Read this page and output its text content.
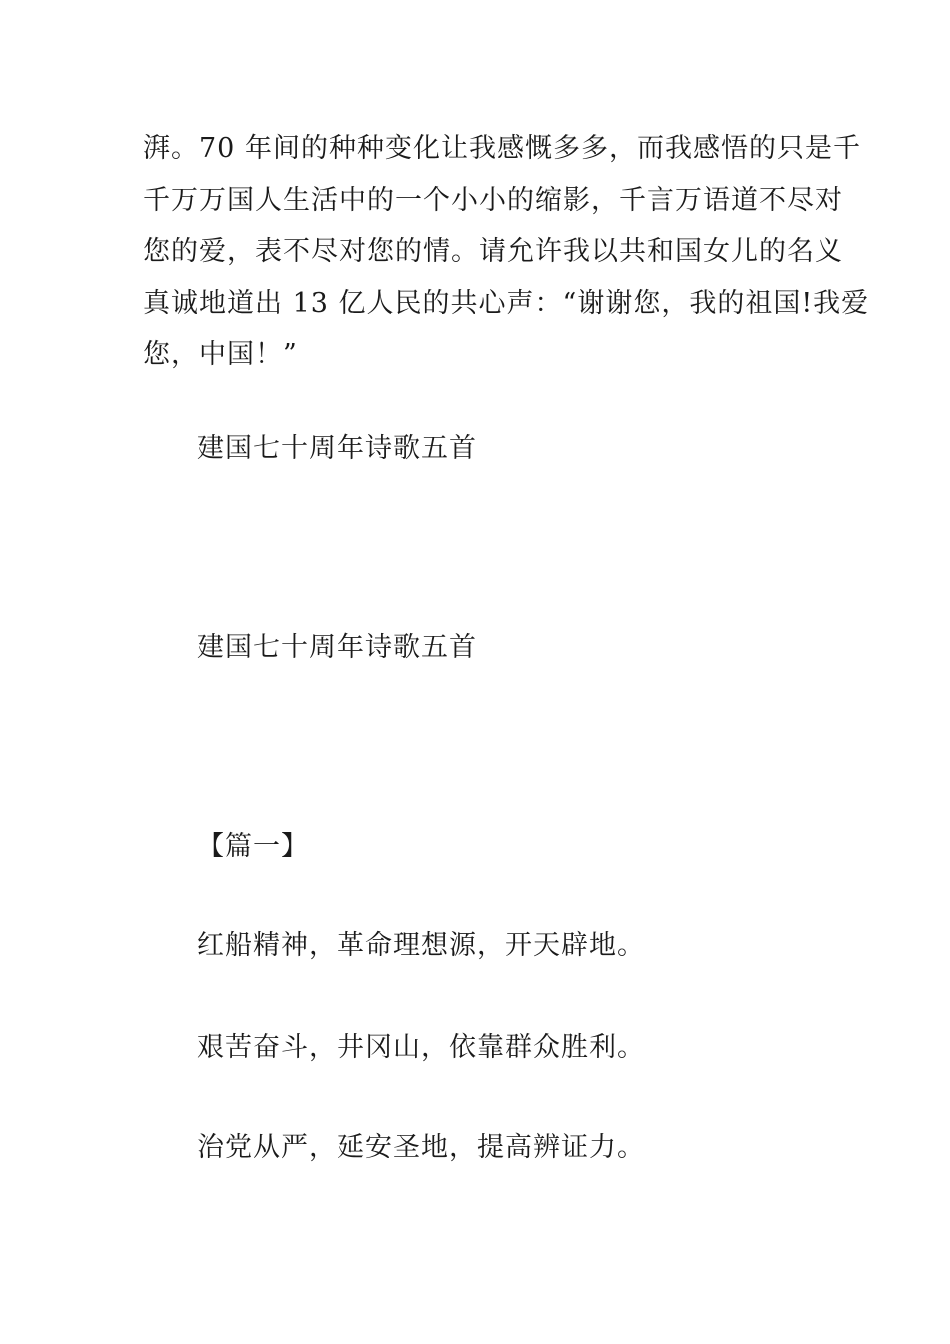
湃。70 年间的种种变化让我感慨多多，而我感悟的只是千
千万万国人生活中的一个小小的缩影，千言万语道不尽对
您的爱，表不尽对您的情。请允许我以共和国女儿的名义
真诚地道出 13 亿人民的共心声：“谢谢您，我的祖国!我爱
您，中国！”
建国七十周年诗歌五首
建国七十周年诗歌五首
【篇一】
红船精神，革命理想源，开天辟地。
艰苦奋斗，井冈山，依靠群众胜利。
治党从严，延安圣地，提高辨证力。
